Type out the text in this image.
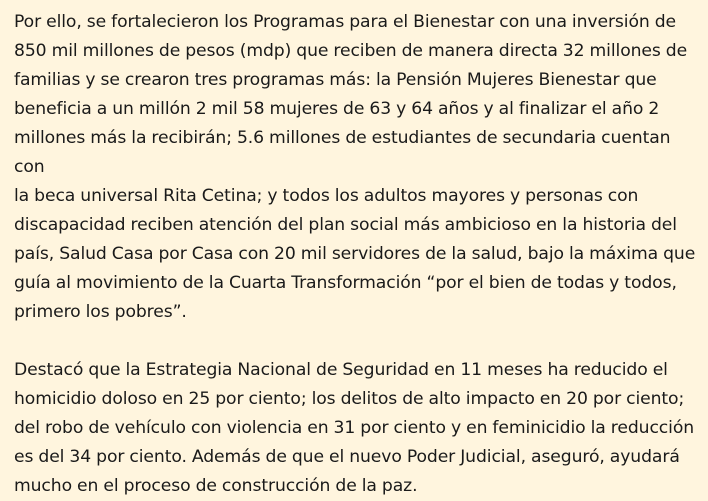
Por ello, se fortalecieron los Programas para el Bienestar con una inversión de
850 mil millones de pesos (mdp) que reciben de manera directa 32 millones de
familias y se crearon tres programas más: la Pensión Mujeres Bienestar que
beneficia a un millón 2 mil 58 mujeres de 63 y 64 años y al finalizar el año 2
millones más la recibirán; 5.6 millones de estudiantes de secundaria cuentan con
la beca universal Rita Cetina; y todos los adultos mayores y personas con
discapacidad reciben atención del plan social más ambicioso en la historia del
país, Salud Casa por Casa con 20 mil servidores de la salud, bajo la máxima que
guía al movimiento de la Cuarta Transformación “por el bien de todas y todos,
primero los pobres”.

Destacó que la Estrategia Nacional de Seguridad en 11 meses ha reducido el
homicidio doloso en 25 por ciento; los delitos de alto impacto en 20 por ciento;
del robo de vehículo con violencia en 31 por ciento y en feminicidio la reducción
es del 34 por ciento. Además de que el nuevo Poder Judicial, aseguró, ayudará
mucho en el proceso de construcción de la paz.
